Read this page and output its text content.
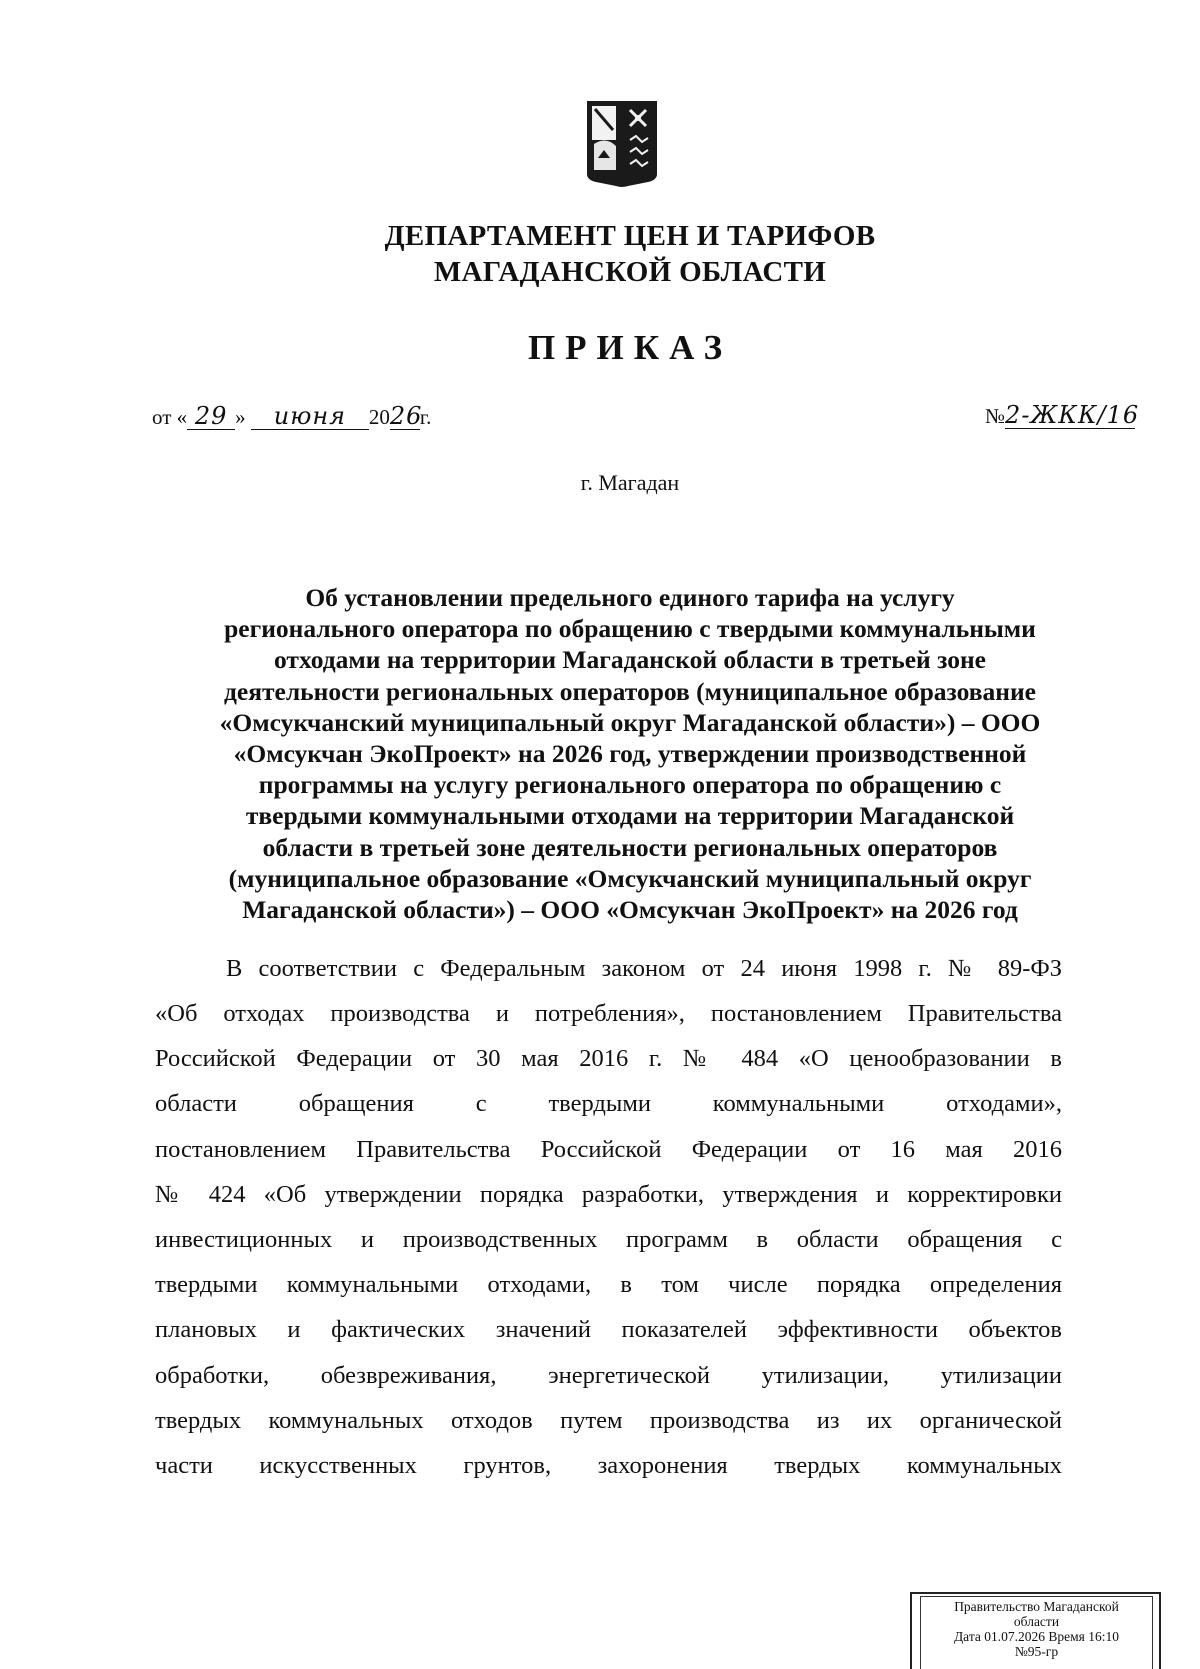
ДЕПАРТАМЕНТ ЦЕН И ТАРИФОВ
МАГАДАНСКОЙ ОБЛАСТИ
ПРИКАЗ
от « 29 » июня 2026г.	№2-ЖКК/16
г. Магадан
Об установлении предельного единого тарифа на услугу
регионального оператора по обращению с твердыми коммунальными
отходами на территории Магаданской области в третьей зоне
деятельности региональных операторов (муниципальное образование
«Омсукчанский муниципальный округ Магаданской области») – ООО
«Омсукчан ЭкоПроект» на 2026 год, утверждении производственной
программы на услугу регионального оператора по обращению с
твердыми коммунальными отходами на территории Магаданской
области в третьей зоне деятельности региональных операторов
(муниципальное образование «Омсукчанский муниципальный округ
Магаданской области») – ООО «Омсукчан ЭкоПроект» на 2026 год
В соответствии с Федеральным законом от 24 июня 1998 г. № 89-ФЗ
«Об отходах производства и потребления», постановлением Правительства
Российской Федерации от 30 мая 2016 г. № 484 «О ценообразовании в
области обращения с твердыми коммунальными отходами»,
постановлением Правительства Российской Федерации от 16 мая 2016
№ 424 «Об утверждении порядка разработки, утверждения и корректировки
инвестиционных и производственных программ в области обращения с
твердыми коммунальными отходами, в том числе порядка определения
плановых и фактических значений показателей эффективности объектов
обработки, обезвреживания, энергетической утилизации, утилизации
твердых коммунальных отходов путем производства из их органической
части искусственных грунтов, захоронения твердых коммунальных
Правительство Магаданской
области
Дата 01.07.2026 Время 16:10
№95-гр
